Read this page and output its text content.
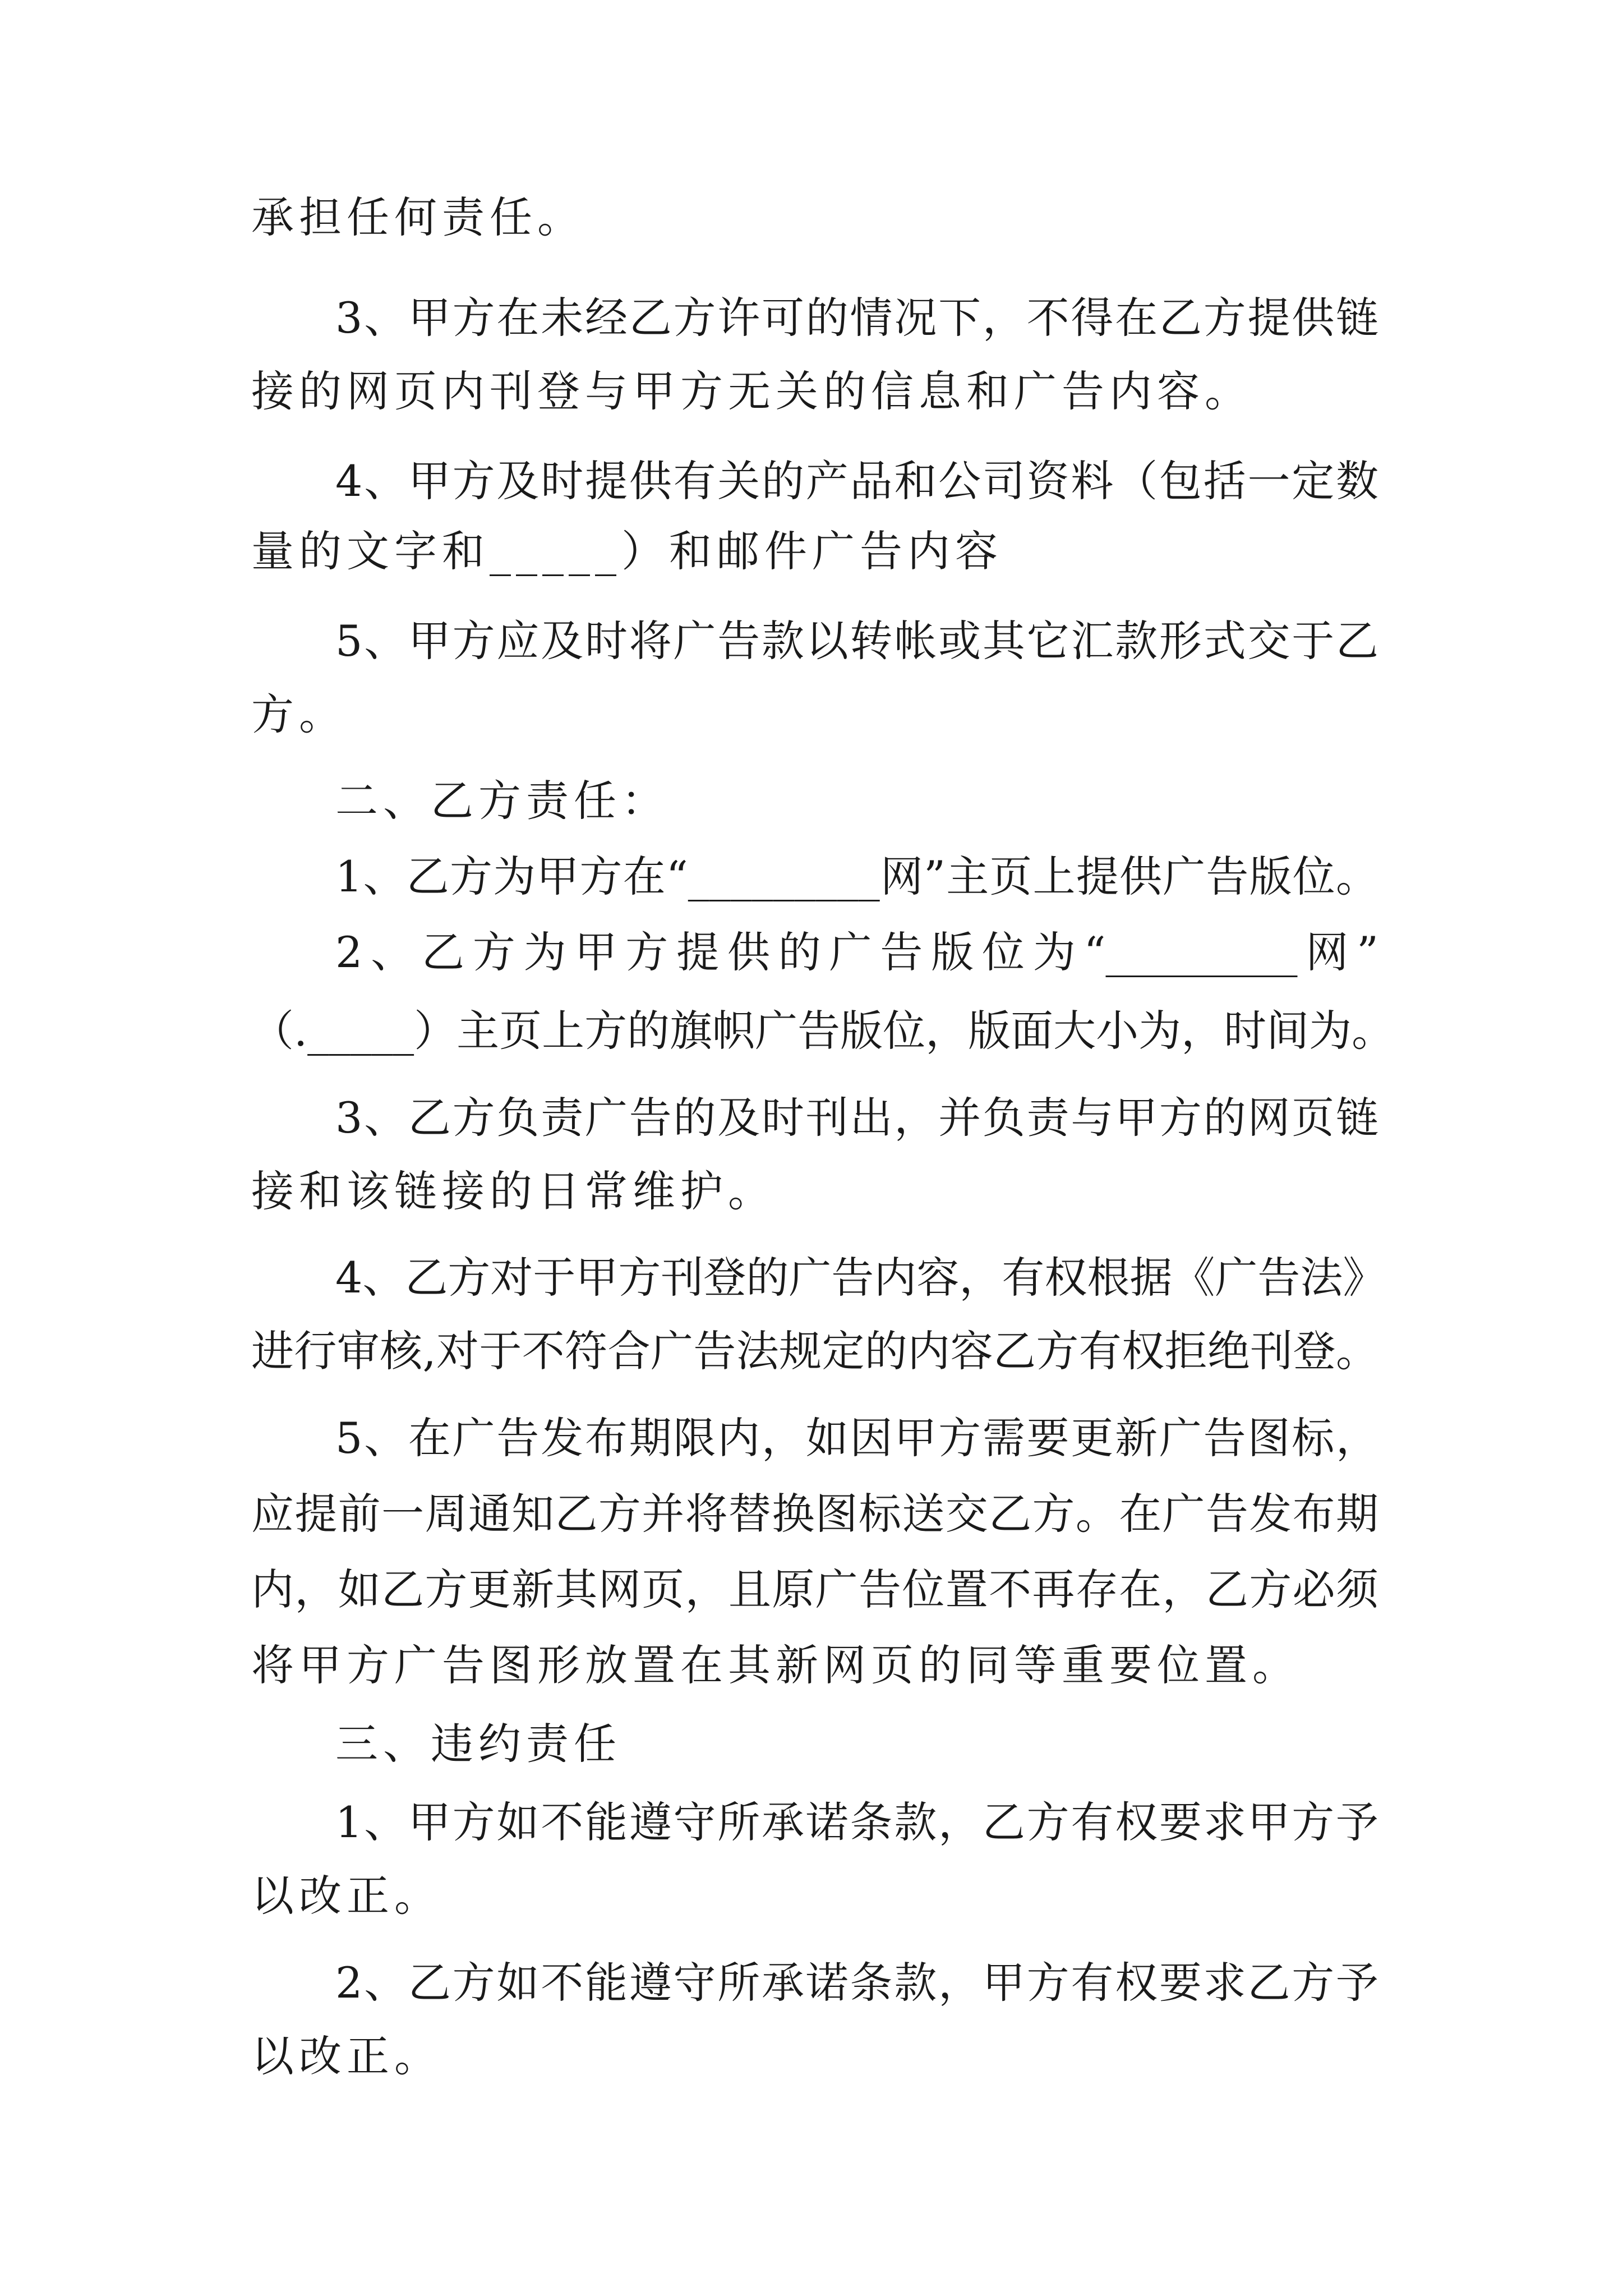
承担任何责任。
3、甲方在未经乙方许可的情况下，不得在乙方提供链
接的网页内刊登与甲方无关的信息和广告内容。
4、甲方及时提供有关的产品和公司资料（包括一定数
量的文字和_____）和邮件广告内容
5、甲方应及时将广告款以转帐或其它汇款形式交于乙
方。
二、乙方责任：
1、乙方为甲方在“_________网”主页上提供广告版位。
2、乙方为甲方提供的广告版位为“_________网”
（._____）主页上方的旗帜广告版位，版面大小为，时间为。
3、乙方负责广告的及时刊出，并负责与甲方的网页链
接和该链接的日常维护。
4、乙方对于甲方刊登的广告内容，有权根据《广告法》
进行审核,对于不符合广告法规定的内容乙方有权拒绝刊登。
5、在广告发布期限内，如因甲方需要更新广告图标，
应提前一周通知乙方并将替换图标送交乙方。在广告发布期
内，如乙方更新其网页，且原广告位置不再存在，乙方必须
将甲方广告图形放置在其新网页的同等重要位置。
三、违约责任
1、甲方如不能遵守所承诺条款，乙方有权要求甲方予
以改正。
2、乙方如不能遵守所承诺条款，甲方有权要求乙方予
以改正。
